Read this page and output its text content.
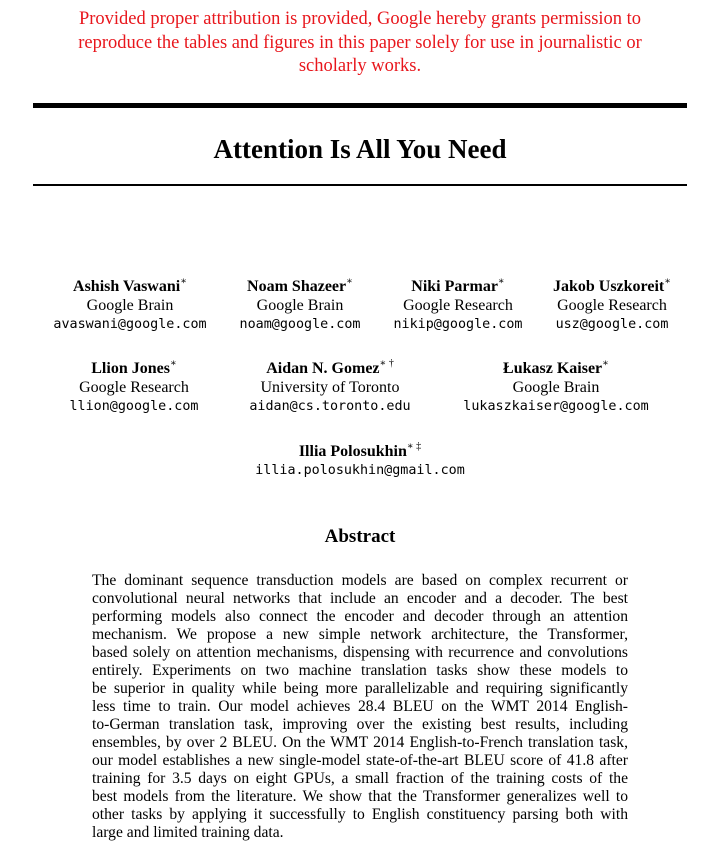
Provided proper attribution is provided, Google hereby grants permission to
reproduce the tables and figures in this paper solely for use in journalistic or
scholarly works.
Attention Is All You Need
Ashish Vaswani∗
Google Brain
avaswani@google.com
Noam Shazeer∗
Google Brain
noam@google.com
Niki Parmar∗
Google Research
nikip@google.com
Jakob Uszkoreit∗
Google Research
usz@google.com
Llion Jones∗
Google Research
llion@google.com
Aidan N. Gomez∗ †
University of Toronto
aidan@cs.toronto.edu
Łukasz Kaiser∗
Google Brain
lukaszkaiser@google.com
Illia Polosukhin∗ ‡
illia.polosukhin@gmail.com
Abstract
The dominant sequence transduction models are based on complex recurrent or
convolutional neural networks that include an encoder and a decoder. The best
performing models also connect the encoder and decoder through an attention
mechanism. We propose a new simple network architecture, the Transformer,
based solely on attention mechanisms, dispensing with recurrence and convolutions
entirely. Experiments on two machine translation tasks show these models to
be superior in quality while being more parallelizable and requiring significantly
less time to train. Our model achieves 28.4 BLEU on the WMT 2014 English-
to-German translation task, improving over the existing best results, including
ensembles, by over 2 BLEU. On the WMT 2014 English-to-French translation task,
our model establishes a new single-model state-of-the-art BLEU score of 41.8 after
training for 3.5 days on eight GPUs, a small fraction of the training costs of the
best models from the literature. We show that the Transformer generalizes well to
other tasks by applying it successfully to English constituency parsing both with
large and limited training data.
